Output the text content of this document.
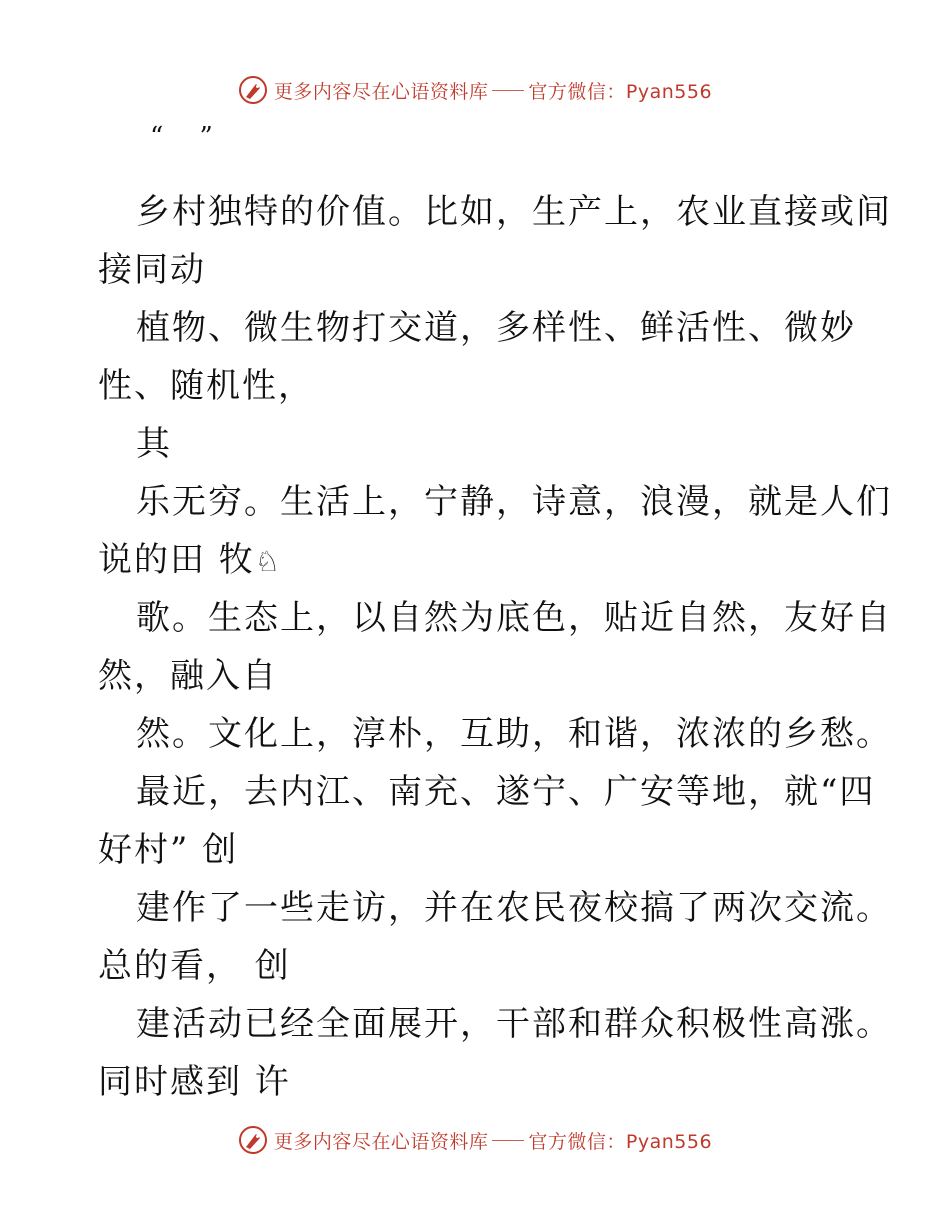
更多内容尽在心语资料库 官方微信：Pyan556
“ ”
乡村独特的价值。比如，生产上，农业直接或间
接同动
植物、微生物打交道，多样性、鲜活性、微妙
性、随机性，
其
乐无穷。生活上，宁静，诗意，浪漫，就是人们
说的田 牧♘
歌。生态上，以自然为底色，贴近自然，友好自
然，融入自
然。文化上，淳朴，互助，和谐，浓浓的乡愁。
最近，去内江、南充、遂宁、广安等地，就“四
好村” 创
建作了一些走访，并在农民夜校搞了两次交流。
总的看， 创
建活动已经全面展开，干部和群众积极性高涨。
同时感到 许
更多内容尽在心语资料库 官方微信：Pyan556
